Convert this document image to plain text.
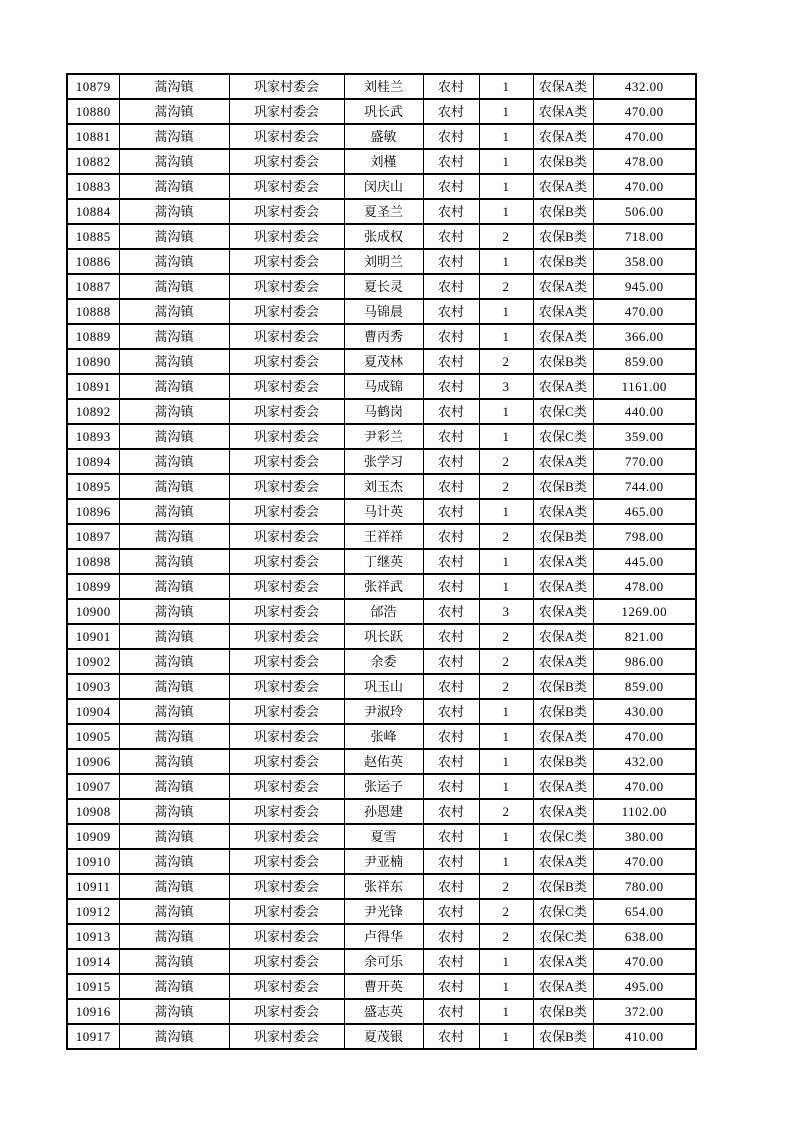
10879	蒿沟镇	巩家村委会	刘桂兰	农村	1	农保A类	432.00
10880	蒿沟镇	巩家村委会	巩长武	农村	1	农保A类	470.00
10881	蒿沟镇	巩家村委会	盛敏	农村	1	农保A类	470.00
10882	蒿沟镇	巩家村委会	刘槿	农村	1	农保B类	478.00
10883	蒿沟镇	巩家村委会	闵庆山	农村	1	农保A类	470.00
10884	蒿沟镇	巩家村委会	夏圣兰	农村	1	农保B类	506.00
10885	蒿沟镇	巩家村委会	张成权	农村	2	农保B类	718.00
10886	蒿沟镇	巩家村委会	刘明兰	农村	1	农保B类	358.00
10887	蒿沟镇	巩家村委会	夏长灵	农村	2	农保A类	945.00
10888	蒿沟镇	巩家村委会	马锦晨	农村	1	农保A类	470.00
10889	蒿沟镇	巩家村委会	曹丙秀	农村	1	农保A类	366.00
10890	蒿沟镇	巩家村委会	夏茂林	农村	2	农保B类	859.00
10891	蒿沟镇	巩家村委会	马成锦	农村	3	农保A类	1161.00
10892	蒿沟镇	巩家村委会	马鹤岗	农村	1	农保C类	440.00
10893	蒿沟镇	巩家村委会	尹彩兰	农村	1	农保C类	359.00
10894	蒿沟镇	巩家村委会	张学习	农村	2	农保A类	770.00
10895	蒿沟镇	巩家村委会	刘玉杰	农村	2	农保B类	744.00
10896	蒿沟镇	巩家村委会	马计英	农村	1	农保A类	465.00
10897	蒿沟镇	巩家村委会	王祥祥	农村	2	农保B类	798.00
10898	蒿沟镇	巩家村委会	丁继英	农村	1	农保A类	445.00
10899	蒿沟镇	巩家村委会	张祥武	农村	1	农保A类	478.00
10900	蒿沟镇	巩家村委会	邰浩	农村	3	农保A类	1269.00
10901	蒿沟镇	巩家村委会	巩长跃	农村	2	农保A类	821.00
10902	蒿沟镇	巩家村委会	余委	农村	2	农保A类	986.00
10903	蒿沟镇	巩家村委会	巩玉山	农村	2	农保B类	859.00
10904	蒿沟镇	巩家村委会	尹淑玲	农村	1	农保B类	430.00
10905	蒿沟镇	巩家村委会	张峰	农村	1	农保A类	470.00
10906	蒿沟镇	巩家村委会	赵佑英	农村	1	农保B类	432.00
10907	蒿沟镇	巩家村委会	张运子	农村	1	农保A类	470.00
10908	蒿沟镇	巩家村委会	孙恩建	农村	2	农保A类	1102.00
10909	蒿沟镇	巩家村委会	夏雪	农村	1	农保C类	380.00
10910	蒿沟镇	巩家村委会	尹亚楠	农村	1	农保A类	470.00
10911	蒿沟镇	巩家村委会	张祥东	农村	2	农保B类	780.00
10912	蒿沟镇	巩家村委会	尹光锋	农村	2	农保C类	654.00
10913	蒿沟镇	巩家村委会	卢得华	农村	2	农保C类	638.00
10914	蒿沟镇	巩家村委会	余可乐	农村	1	农保A类	470.00
10915	蒿沟镇	巩家村委会	曹开英	农村	1	农保A类	495.00
10916	蒿沟镇	巩家村委会	盛志英	农村	1	农保B类	372.00
10917	蒿沟镇	巩家村委会	夏茂银	农村	1	农保B类	410.00
